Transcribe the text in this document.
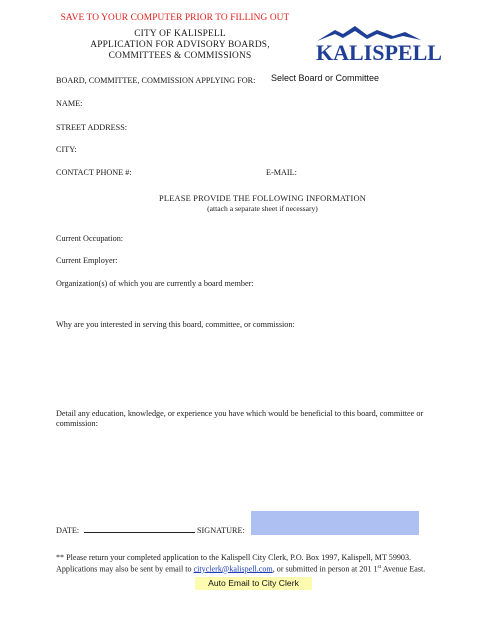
SAVE TO YOUR COMPUTER PRIOR TO FILLING OUT
CITY OF KALISPELL
APPLICATION FOR ADVISORY BOARDS,
COMMITTEES & COMMISSIONS	KALISPELL
BOARD, COMMITTEE, COMMISSION APPLYING FOR: Select Board or Committee
NAME:
STREET ADDRESS:
CITY:
CONTACT PHONE #:	E-MAIL:
PLEASE PROVIDE THE FOLLOWING INFORMATION
(attach a separate sheet if necessary)
Current Occupation:
Current Employer:
Organization(s) of which you are currently a board member:
Why are you interested in serving this board, committee, or commission:
Detail any education, knowledge, or experience you have which would be beneficial to this board, committee or commission:
DATE:	SIGNATURE:
** Please return your completed application to the Kalispell City Clerk, P.O. Box 1997, Kalispell, MT 59903. Applications may also be sent by email to cityclerk@kalispell.com, or submitted in person at 201 1st Avenue East.
Auto Email to City Clerk
